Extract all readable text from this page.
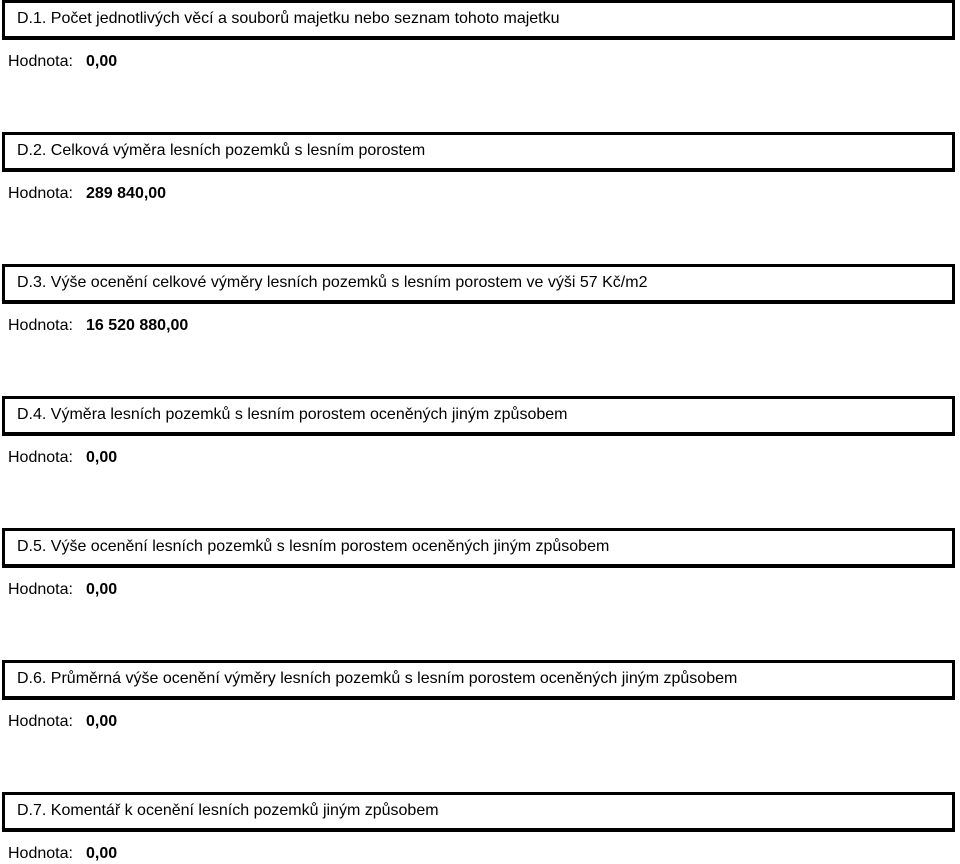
D.1. Počet jednotlivých věcí a souborů majetku nebo seznam tohoto majetku
Hodnota: 0,00
D.2. Celková výměra lesních pozemků s lesním porostem
Hodnota: 289 840,00
D.3. Výše ocenění celkové výměry lesních pozemků s lesním porostem ve výši 57 Kč/m2
Hodnota: 16 520 880,00
D.4. Výměra lesních pozemků s lesním porostem oceněných jiným způsobem
Hodnota: 0,00
D.5. Výše ocenění lesních pozemků s lesním porostem oceněných jiným způsobem
Hodnota: 0,00
D.6. Průměrná výše ocenění výměry lesních pozemků s lesním porostem oceněných jiným způsobem
Hodnota: 0,00
D.7. Komentář k ocenění lesních pozemků jiným způsobem
Hodnota: 0,00
